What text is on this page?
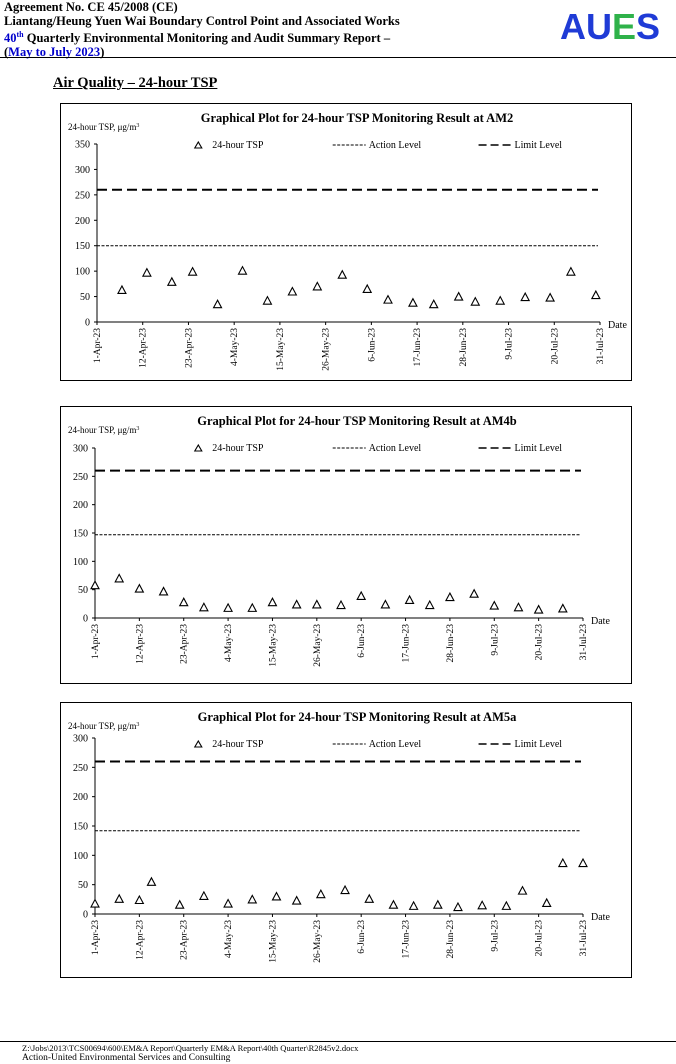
Agreement No. CE 45/2008 (CE)
Liantang/Heung Yuen Wai Boundary Control Point and Associated Works
40th Quarterly Environmental Monitoring and Audit Summary Report –
(May to July 2023)
AUES
Air Quality – 24-hour TSP
Graphical Plot for 24-hour TSP Monitoring Result at AM2
24-hour TSP, $\mu g/m^3$
0
50
100
150
200
250
300
350
1-Apr-23	12-Apr-23	23-Apr-23	4-May-23	15-May-23	26-May-23	6-Jun-23	17-Jun-23	28-Jun-23	9-Jul-23	20-Jul-23	31-Jul-23
Date
24-hour TSP	Action Level	Limit Level
Graphical Plot for 24-hour TSP Monitoring Result at AM4b
24-hour TSP, $\mu g/m^3$
0
50
100
150
200
250
300
1-Apr-23	12-Apr-23	23-Apr-23	4-May-23	15-May-23	26-May-23	6-Jun-23	17-Jun-23	28-Jun-23	9-Jul-23	20-Jul-23	31-Jul-23
Date
24-hour TSP	Action Level	Limit Level
Graphical Plot for 24-hour TSP Monitoring Result at AM5a
24-hour TSP, $\mu g/m^3$
0
50
100
150
200
250
300
1-Apr-23	12-Apr-23	23-Apr-23	4-May-23	15-May-23	26-May-23	6-Jun-23	17-Jun-23	28-Jun-23	9-Jul-23	20-Jul-23	31-Jul-23
Date
24-hour TSP	Action Level	Limit Level
Z:\Jobs\2013\TCS00694\600\EM&A Report\Quarterly EM&A Report\40th Quarter\R2845v2.docx
Action-United Environmental Services and Consulting
